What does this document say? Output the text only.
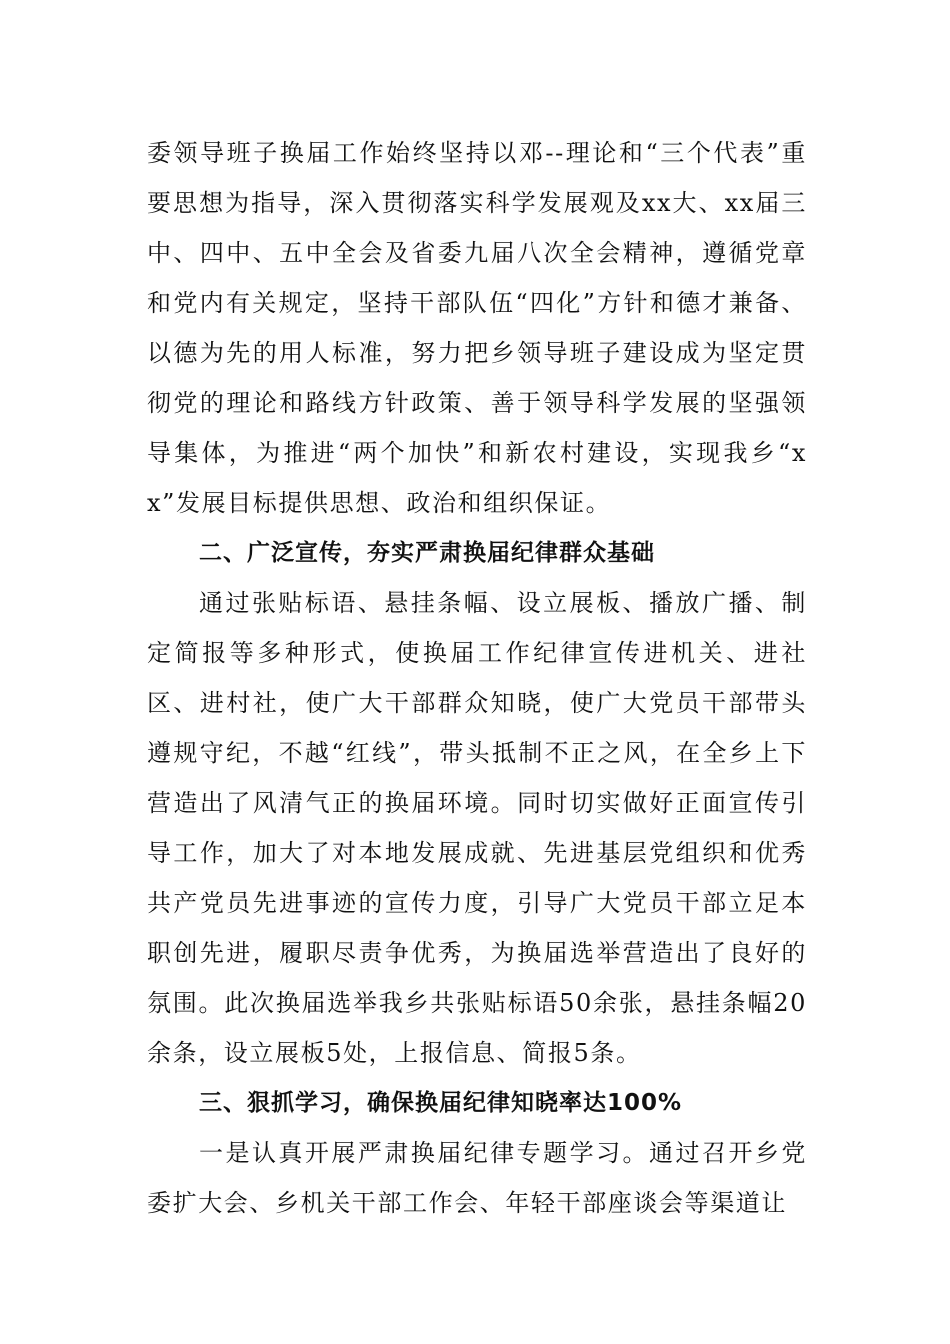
委领导班子换届工作始终坚持以邓--理论和“三个代表”重要思想为指导，深入贯彻落实科学发展观及xx大、xx届三中、四中、五中全会及省委九届八次全会精神，遵循党章和党内有关规定，坚持干部队伍“四化”方针和德才兼备、以德为先的用人标准，努力把乡领导班子建设成为坚定贯彻党的理论和路线方针政策、善于领导科学发展的坚强领导集体，为推进“两个加快”和新农村建设，实现我乡“xx”发展目标提供思想、政治和组织保证。

二、广泛宣传，夯实严肃换届纪律群众基础

通过张贴标语、悬挂条幅、设立展板、播放广播、制定简报等多种形式，使换届工作纪律宣传进机关、进社区、进村社，使广大干部群众知晓，使广大党员干部带头遵规守纪，不越“红线”，带头抵制不正之风，在全乡上下营造出了风清气正的换届环境。同时切实做好正面宣传引导工作，加大了对本地发展成就、先进基层党组织和优秀共产党员先进事迹的宣传力度，引导广大党员干部立足本职创先进，履职尽责争优秀，为换届选举营造出了良好的氛围。此次换届选举我乡共张贴标语50余张，悬挂条幅20余条，设立展板5处，上报信息、简报5条。

三、狠抓学习，确保换届纪律知晓率达100%

一是认真开展严肃换届纪律专题学习。通过召开乡党委扩大会、乡机关干部工作会、年轻干部座谈会等渠道让
